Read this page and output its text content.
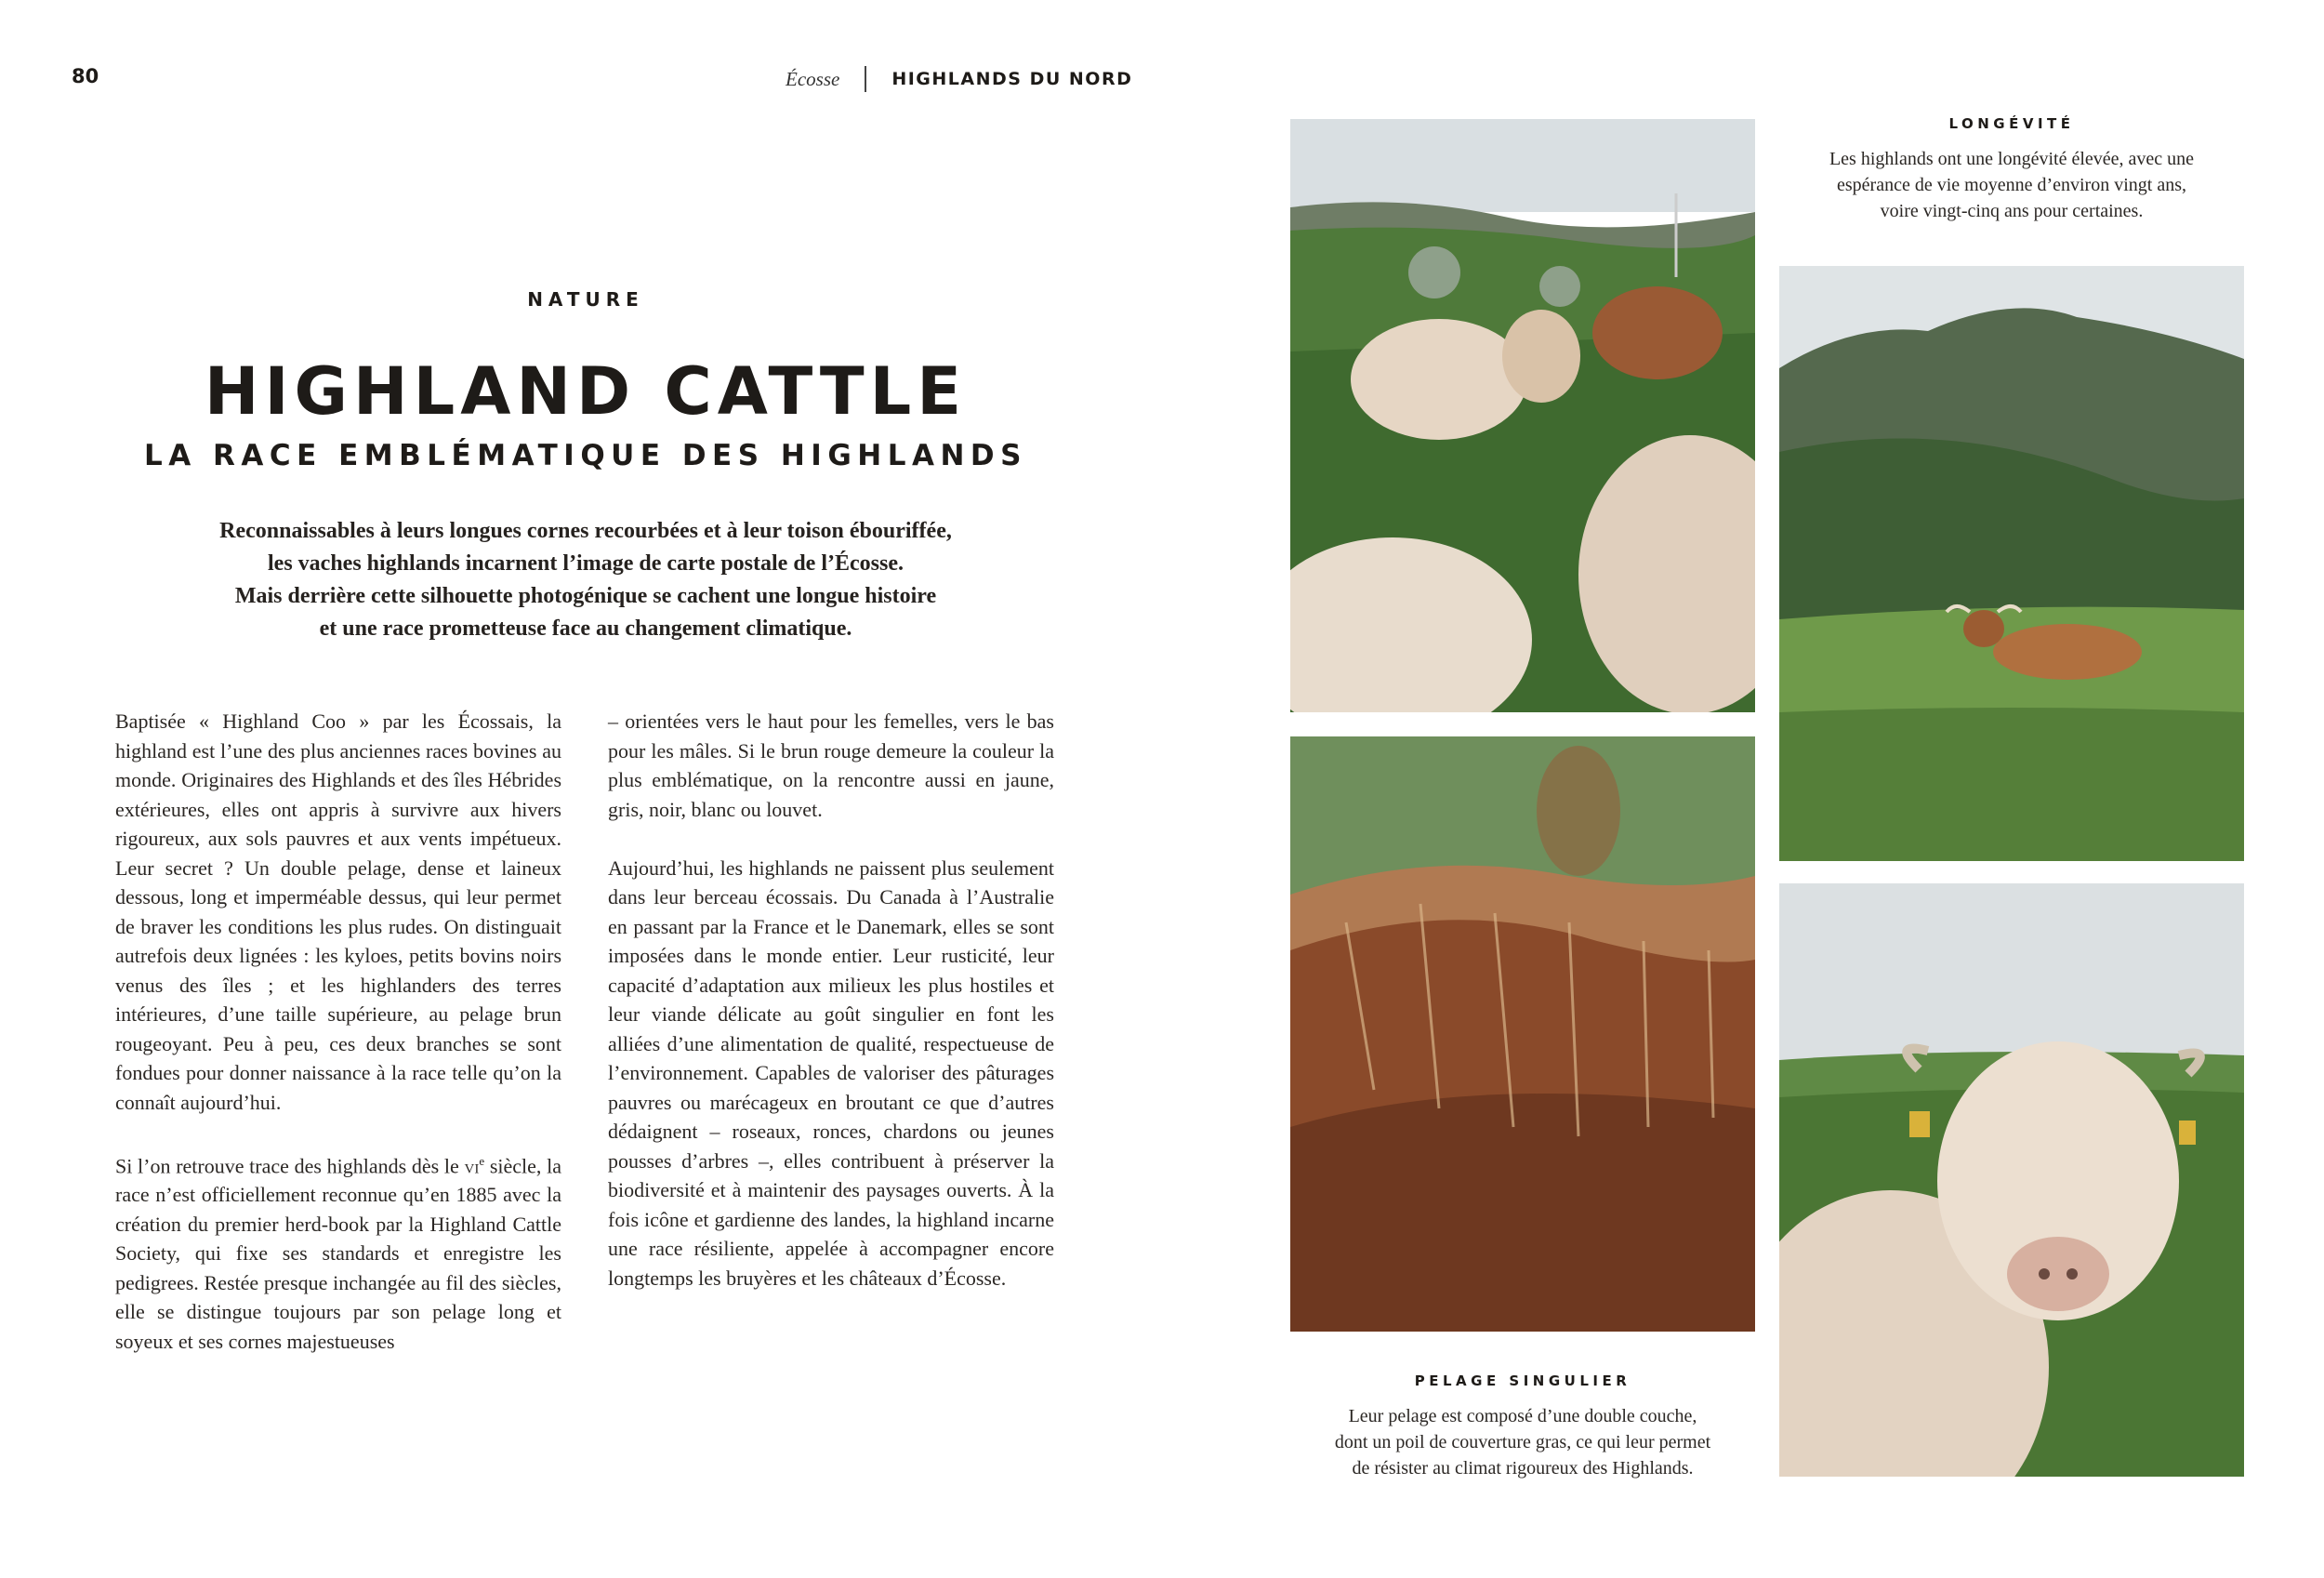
80	Écosse	HIGHLANDS DU NORD
NATURE
HIGHLAND CATTLE
LA RACE EMBLÉMATIQUE DES HIGHLANDS
Reconnaissables à leurs longues cornes recourbées et à leur toison ébouriffée,
les vaches highlands incarnent l’image de carte postale de l’Écosse.
Mais derrière cette silhouette photogénique se cachent une longue histoire
et une race prometteuse face au changement climatique.

Baptisée « Highland Coo » par les Écossais, la highland est l’une des plus anciennes races bovines au monde. Originaires des Highlands et des îles Hébrides extérieures, elles ont appris à survivre aux hivers rigoureux, aux sols pauvres et aux vents impétueux. Leur secret ? Un double pelage, dense et laineux dessous, long et imperméable dessus, qui leur permet de braver les conditions les plus rudes. On distinguait autrefois deux lignées : les kyloes, petits bovins noirs venus des îles ; et les highlanders des terres intérieures, d’une taille supérieure, au pelage brun rougeoyant. Peu à peu, ces deux branches se sont fondues pour donner naissance à la race telle qu’on la connaît aujourd’hui.

Si l’on retrouve trace des highlands dès le $vi^e$ siècle, la race n’est officiellement reconnue qu’en 1885 avec la création du premier herd-book par la Highland Cattle Society, qui fixe ses standards et enregistre les pedigrees. Restée presque inchangée au fil des siècles, elle se distingue toujours par son pelage long et soyeux et ses cornes majestueuses

– orientées vers le haut pour les femelles, vers le bas pour les mâles. Si le brun rouge demeure la couleur la plus emblématique, on la rencontre aussi en jaune, gris, noir, blanc ou louvet.

Aujourd’hui, les highlands ne paissent plus seulement dans leur berceau écossais. Du Canada à l’Australie en passant par la France et le Danemark, elles se sont imposées dans le monde entier. Leur rusticité, leur capacité d’adaptation aux milieux les plus hostiles et leur viande délicate au goût singulier en font les alliées d’une alimentation de qualité, respectueuse de l’environnement. Capables de valoriser des pâturages pauvres ou marécageux en broutant ce que d’autres dédaignent – roseaux, ronces, chardons ou jeunes pousses d’arbres –, elles contribuent à préserver la biodiversité et à maintenir des paysages ouverts. À la fois icône et gardienne des landes, la highland incarne une race résiliente, appelée à accompagner encore longtemps les bruyères et les châteaux d’Écosse.

LONGÉVITÉ
Les highlands ont une longévité élevée, avec une
espérance de vie moyenne d’environ vingt ans,
voire vingt-cinq ans pour certaines.
PELAGE SINGULIER
Leur pelage est composé d’une double couche,
dont un poil de couverture gras, ce qui leur permet
de résister au climat rigoureux des Highlands.
